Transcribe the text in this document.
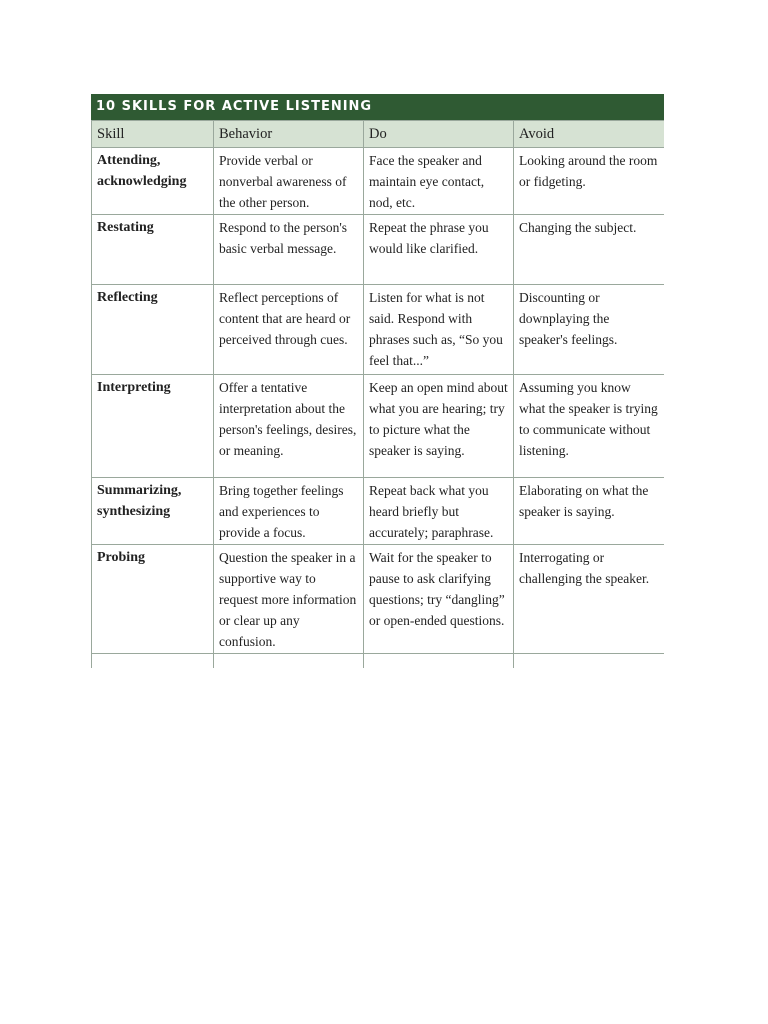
10 SKILLS FOR ACTIVE LISTENING
Skill	Behavior	Do	Avoid
Attending, acknowledging	Provide verbal or nonverbal awareness of the other person.	Face the speaker and maintain eye contact, nod, etc.	Looking around the room or fidgeting.
Restating	Respond to the person's basic verbal message.	Repeat the phrase you would like clarified.	Changing the subject.
Reflecting	Reflect perceptions of content that are heard or perceived through cues.	Listen for what is not said. Respond with phrases such as, “So you feel that...”	Discounting or downplaying the speaker's feelings.
Interpreting	Offer a tentative interpretation about the person's feelings, desires, or meaning.	Keep an open mind about what you are hearing; try to picture what the speaker is saying.	Assuming you know what the speaker is trying to communicate without listening.
Summarizing, synthesizing	Bring together feelings and experiences to provide a focus.	Repeat back what you heard briefly but accurately; paraphrase.	Elaborating on what the speaker is saying.
Probing	Question the speaker in a supportive way to request more information or clear up any confusion.	Wait for the speaker to pause to ask clarifying questions; try “dangling” or open-ended questions.	Interrogating or challenging the speaker.
